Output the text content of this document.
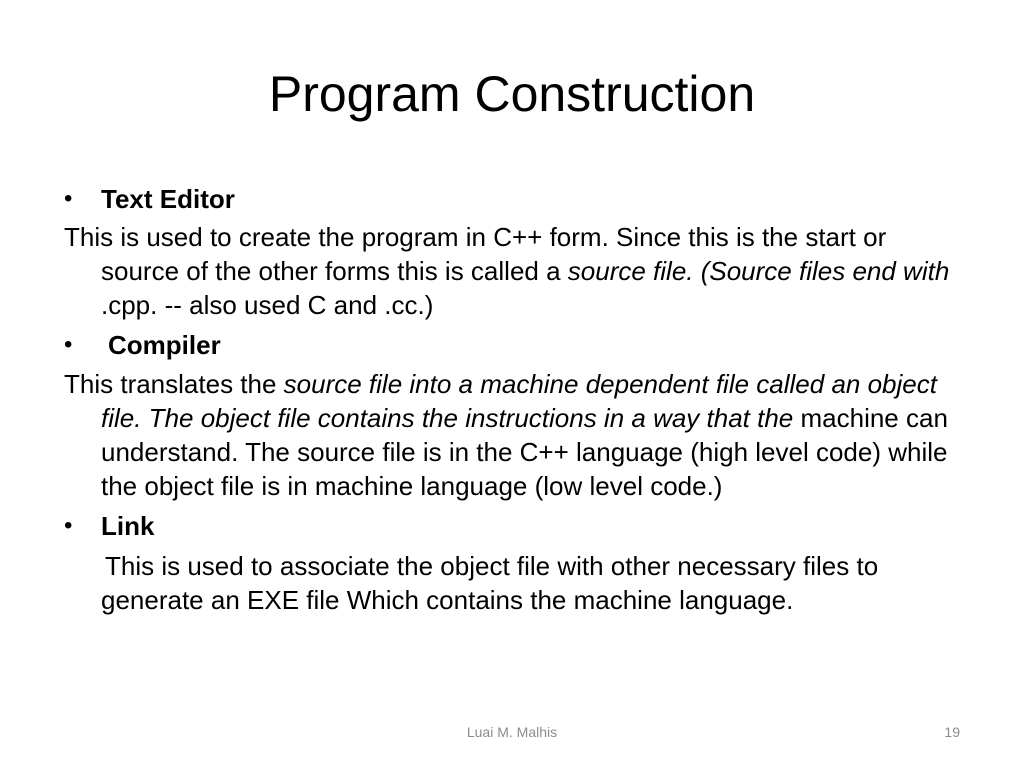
Program Construction
•	Text Editor
This is used to create the program in C++ form. Since this is the start or source of the other forms this is called a source file. (Source files end with .cpp. -- also used C and .cc.)
•	Compiler
This translates the source file into a machine dependent file called an object file. The object file contains the instructions in a way that the machine can understand. The source file is in the C++ language (high level code) while the object file is in machine language (low level code.)
•	Link
This is used to associate the object file with other necessary files to generate an EXE file Which contains the machine language.
Luai M. Malhis	19
